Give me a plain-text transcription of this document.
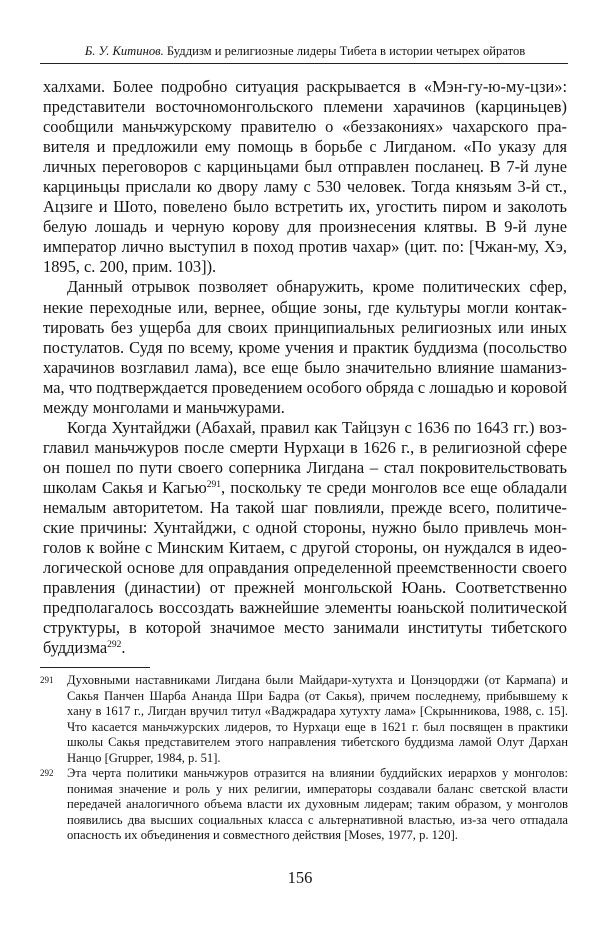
Б. У. Китинов. Буддизм и религиозные лидеры Тибета в истории четырех ойратов
халхами. Более подробно ситуация раскрывается в «Мэн-гу-ю-му-цзи»:
представители восточномонгольского племени харачинов (карциньцев)
сообщили маньчжурскому правителю о «беззакониях» чахарского пра-
вителя и предложили ему помощь в борьбе с Лигданом. «По указу для
личных переговоров с карциньцами был отправлен посланец. В 7-й луне
карциньцы прислали ко двору ламу с 530 человек. Тогда князьям 3-й ст.,
Ацзиге и Шото, повелено было встретить их, угостить пиром и заколоть
белую лошадь и черную корову для произнесения клятвы. В 9-й луне
император лично выступил в поход против чахар» (цит. по: [Чжан-му, Хэ,
1895, с. 200, прим. 103]).
Данный отрывок позволяет обнаружить, кроме политических сфер,
некие переходные или, вернее, общие зоны, где культуры могли контак-
тировать без ущерба для своих принципиальных религиозных или иных
постулатов. Судя по всему, кроме учения и практик буддизма (посольство
харачинов возглавил лама), все еще было значительно влияние шаманиз-
ма, что подтверждается проведением особого обряда с лошадью и коровой
между монголами и маньчжурами.
Когда Хунтайджи (Абахай, правил как Тайцзун с 1636 по 1643 гг.) воз-
главил маньчжуров после смерти Нурхаци в 1626 г., в религиозной сфере
он пошел по пути своего соперника Лигдана – стал покровительствовать
школам Сакья и Кагью$^{291}$, поскольку те среди монголов все еще обладали
немалым авторитетом. На такой шаг повлияли, прежде всего, политиче-
ские причины: Хунтайджи, с одной стороны, нужно было привлечь мон-
голов к войне с Минским Китаем, с другой стороны, он нуждался в идео-
логической основе для оправдания определенной преемственности своего
правления (династии) от прежней монгольской Юань. Соответственно
предполагалось воссоздать важнейшие элементы юаньской политической
структуры, в которой значимое место занимали институты тибетского
буддизма$^{292}$.
291 Духовными наставниками Лигдана были Майдари-хутухта и Цонэцорджи (от Кармапа) и
Сакья Панчен Шарба Ананда Шри Бадра (от Сакья), причем последнему, прибывшему к
хану в 1617 г., Лигдан вручил титул «Ваджрадара хутухту лама» [Скрынникова, 1988, с. 15].
Что касается маньчжурских лидеров, то Нурхаци еще в 1621 г. был посвящен в практики
школы Сакья представителем этого направления тибетского буддизма ламой Олут Дархан
Нанцо [Grupper, 1984, p. 51].
292 Эта черта политики маньчжуров отразится на влиянии буддийских иерархов у монголов:
понимая значение и роль у них религии, императоры создавали баланс светской власти
передачей аналогичного объема власти их духовным лидерам; таким образом, у монголов
появились два высших социальных класса с альтернативной властью, из-за чего отпадала
опасность их объединения и совместного действия [Moses, 1977, p. 120].
156
